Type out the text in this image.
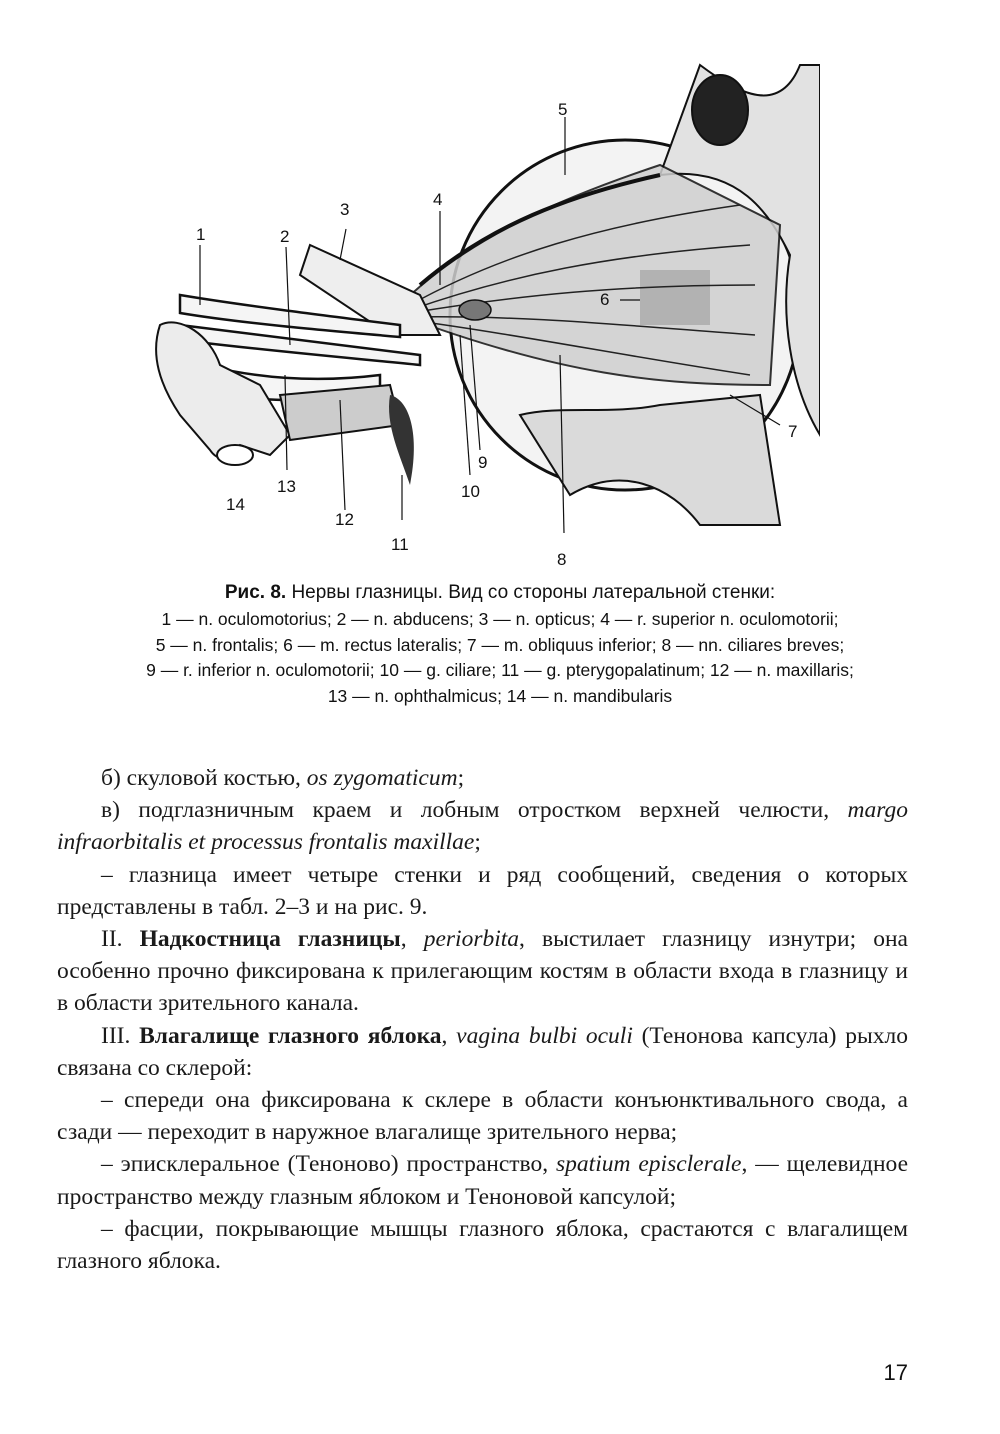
1	2
3
4
5
6
7
8
9
10
11
12
13
14
Рис. 8. Нервы глазницы. Вид со стороны латеральной стенки:
1 — n. oculomotorius; 2 — n. abducens; 3 — n. opticus; 4 — r. superior n. oculomotorii;
5 — n. frontalis; 6 — m. rectus lateralis; 7 — m. obliquus inferior; 8 — nn. ciliares breves;
9 — r. inferior n. oculomotorii; 10 — g. ciliare; 11 — g. pterygopalatinum; 12 — n. maxillaris;
13 — n. ophthalmicus; 14 — n. mandibularis

б) скуловой костью, os zygomaticum;

в) подглазничным краем и лобным отростком верхней челюсти, margo infraorbitalis et processus frontalis maxillae;

– глазница имеет четыре стенки и ряд сообщений, сведения о которых представлены в табл. 2–3 и на рис. 9.

II. Надкостница глазницы, periorbita, выстилает глазницу изнутри; она особенно прочно фиксирована к прилегающим костям в области входа в глазницу и в области зрительного канала.

III. Влагалище глазного яблока, vagina bulbi oculi (Тенонова капсула) рыхло связана со склерой:

– спереди она фиксирована к склере в области конъюнктивального свода, а сзади — переходит в наружное влагалище зрительного нерва;

– эписклеральное (Теноново) пространство, spatium episclerale, — щелевидное пространство между глазным яблоком и Теноновой капсулой;

– фасции, покрывающие мышцы глазного яблока, срастаются с влагалищем глазного яблока.

17
